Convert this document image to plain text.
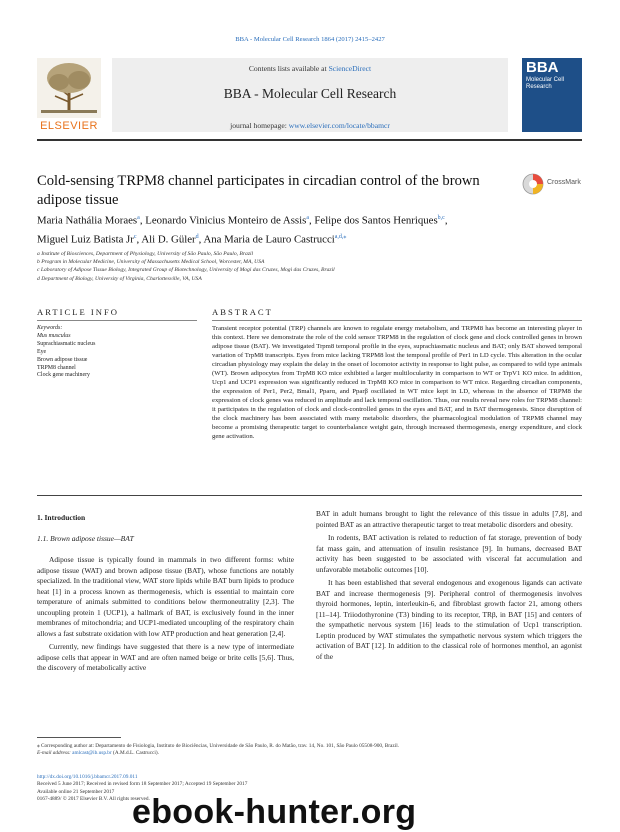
BBA - Molecular Cell Research 1864 (2017) 2415–2427
ELSEVIER
Contents lists available at ScienceDirect
BBA - Molecular Cell Research
journal homepage: www.elsevier.com/locate/bbamcr
BBA
Molecular Cell Research
Cold-sensing TRPM8 channel participates in circadian control of the brown adipose tissue
CrossMark
Maria Nathália Moraes$^a$, Leonardo Vinicius Monteiro de Assis$^a$, Felipe dos Santos Henriques$^{b,c}$,
Miguel Luiz Batista Jr$^c$, Ali D. Güler$^d$, Ana Maria de Lauro Castrucci$^{a,d,⁎}$
a Institute of Biosciences, Department of Physiology, University of São Paulo, São Paulo, Brazil
b Program in Molecular Medicine, University of Massachusetts Medical School, Worcester, MA, USA
c Laboratory of Adipose Tissue Biology, Integrated Group of Biotechnology, University of Mogi das Cruzes, Mogi das Cruzes, Brazil
d Department of Biology, University of Virginia, Charlottesville, VA, USA
ARTICLE INFO	ABSTRACT
Keywords:
Mus musculus
Suprachiasmatic nucleus
Eye
Brown adipose tissue
TRPM8 channel
Clock gene machinery
Transient receptor potential (TRP) channels are known to regulate energy metabolism, and TRPM8 has become an interesting player in this context. Here we demonstrate the role of the cold sensor TRPM8 in the regulation of clock gene and clock controlled genes in brown adipose tissue (BAT). We investigated Trpm8 temporal profile in the eyes, suprachiasmatic nucleus and BAT; only BAT showed temporal variation of TrpM8 transcripts. Eyes from mice lacking TRPM8 lost the temporal profile of Per1 in LD cycle. This alteration in the ocular circadian physiology may explain the delay in the onset of locomotor activity in response to light pulse, as compared to wild type animals (WT). Brown adipocytes from TrpM8 KO mice exhibited a larger multilocularity in comparison to WT or TrpV1 KO mice. In addition, Ucp1 and UCP1 expression was significantly reduced in TrpM8 KO mice in comparison to WT mice. Regarding circadian components, the expression of Per1, Per2, Bmal1, Pparα, and Pparβ oscillated in WT mice kept in LD, whereas in the absence of TRPM8 the expression of clock genes was reduced in amplitude and lack temporal oscillation. Thus, our results reveal new roles for TRPM8 channel: it participates in the regulation of clock and clock-controlled genes in the eyes and BAT, and in BAT thermogenesis. Since disruption of the clock machinery has been associated with many metabolic disorders, the pharmacological modulation of TRPM8 channel may become a promising therapeutic target to counterbalance weight gain, through increased thermogenesis, energy expenditure, and clock gene activation.
1. Introduction
1.1. Brown adipose tissue—BAT

Adipose tissue is typically found in mammals in two different forms: white adipose tissue (WAT) and brown adipose tissue (BAT), whose functions are notably specialized. In the traditional view, WAT store lipids while BAT burn lipids to produce heat [1] in a process known as thermogenesis, which is essential to maintain core temperature of animals submitted to conditions below thermoneutrality [2,3]. The uncoupling protein 1 (UCP1), a hallmark of BAT, is exclusively found in the inner membranes of mitochondria; and UCP1-mediated uncoupling of the respiratory chain allows a fast substrate oxidation with low ATP production and heat generation [2,4].

Currently, new findings have suggested that there is a new type of intermediate adipose cells that appear in WAT and are often named beige or brite cells [5,6]. Thus, the discovery of metabolically active

BAT in adult humans brought to light the relevance of this tissue in adults [7,8], and pointed BAT as an attractive therapeutic target to treat metabolic disorders and obesity.

In rodents, BAT activation is related to reduction of fat storage, prevention of body fat mass gain, and attenuation of insulin resistance [9]. In humans, decreased BAT activity has been suggested to be associated with visceral fat accumulation and unfavorable metabolic outcomes [10].

It has been established that several endogenous and exogenous ligands can activate BAT and increase thermogenesis [9]. Peripheral control of thermogenesis involves thyroid hormones, leptin, interleukin-6, and fibroblast growth factor 21, among others [11–14]. Triiodothyronine (T3) binding to its receptor, TRβ, in BAT [15] and centers of the sympathetic nervous system [16] leads to the stimulation of Ucp1 transcription. Leptin produced by WAT stimulates the sympathetic nervous system which triggers the activation of BAT [12]. In addition to the classical role of hormones menthol, an agonist of the

⁎ Corresponding author at: Departamento de Fisiologia, Instituto de Biociências, Universidade de São Paulo, R. do Matão, trav. 14, No. 101, São Paulo 05508-900, Brazil.
E-mail address: amlcast@ib.usp.br (A.M.d.L. Castrucci).
http://dx.doi.org/10.1016/j.bbamcr.2017.09.011
Received 5 June 2017; Received in revised form 18 September 2017; Accepted 19 September 2017
Available online 21 September 2017
0167-4889/ © 2017 Elsevier B.V. All rights reserved.
ebook-hunter.org
